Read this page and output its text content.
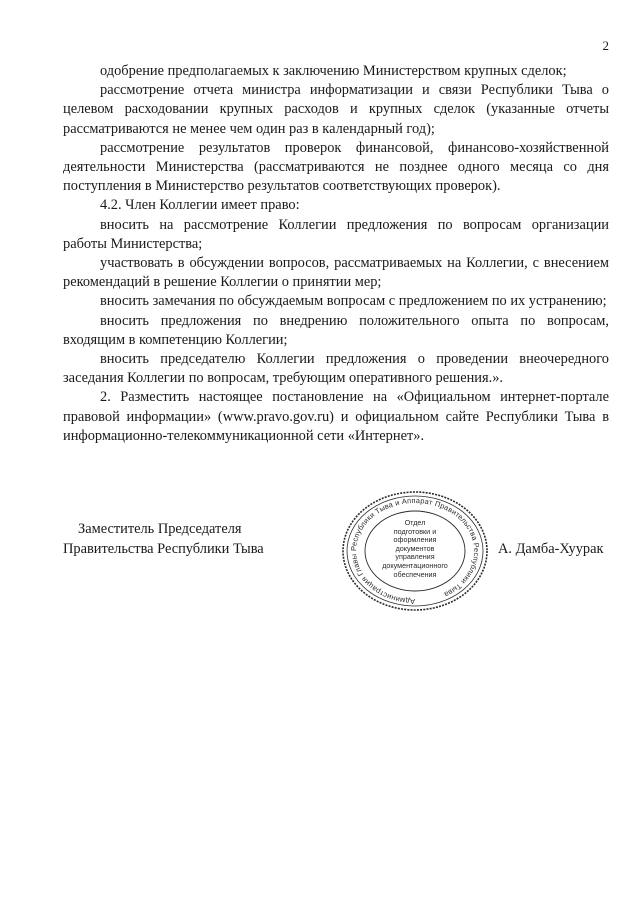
2

одобрение предполагаемых к заключению Министерством крупных сделок;

рассмотрение отчета министра информатизации и связи Республики Тыва о целевом расходовании крупных расходов и крупных сделок (указанные отчеты рассматриваются не менее чем один раз в календарный год);

рассмотрение результатов проверок финансовой, финансово-хозяйственной деятельности Министерства (рассматриваются не позднее одного месяца со дня поступления в Министерство результатов соответствующих проверок).

4.2. Член Коллегии имеет право:

вносить на рассмотрение Коллегии предложения по вопросам организации работы Министерства;

участвовать в обсуждении вопросов, рассматриваемых на Коллегии, с внесением рекомендаций в решение Коллегии о принятии мер;

вносить замечания по обсуждаемым вопросам с предложением по их устранению;

вносить предложения по внедрению положительного опыта по вопросам, входящим в компетенцию Коллегии;

вносить председателю Коллегии предложения о проведении внеочередного заседания Коллегии по вопросам, требующим оперативного решения.».

2. Разместить настоящее постановление на «Официальном интернет-портале правовой информации» (www.pravo.gov.ru) и официальном сайте Республики Тыва в информационно-телекоммуникационной сети «Интернет».

Заместитель Председателя
Правительства Республики Тыва
Администрация Главы Республики Тыва и Аппарат Правительства Республики Тыва
Отдел
подготовки и
оформления документов
управления
документационного
обеспечения
А. Дамба-Хуурак
